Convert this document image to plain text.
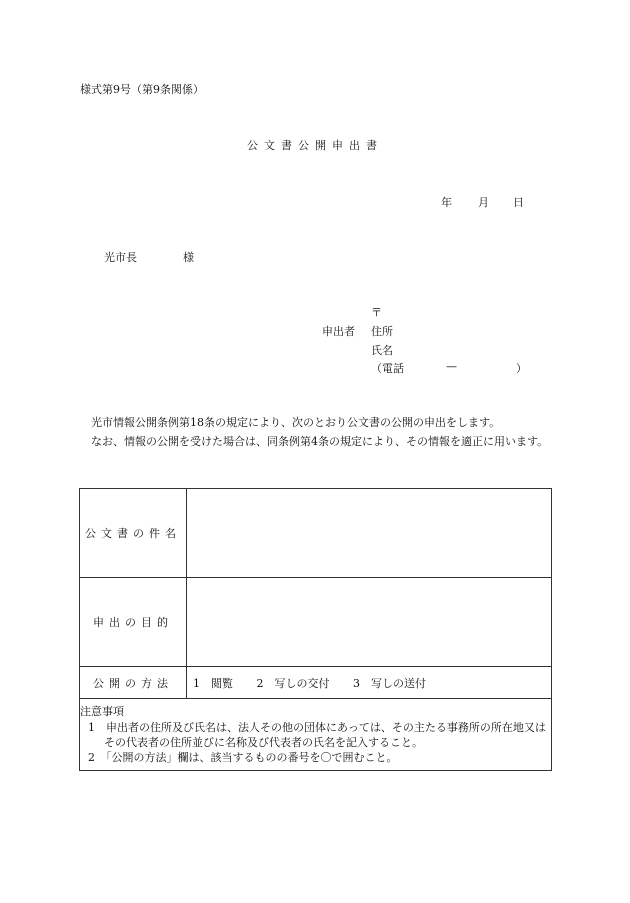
様式第9号（第9条関係）
公文書公開申出書
年 月 日
光市長	様
〒
申出者 住所
氏名
（電話	—	）
光市情報公開条例第18条の規定により、次のとおり公文書の公開の申出をします。
なお、情報の公開を受けた場合は、同条例第4条の規定により、その情報を適正に用います。
公文書の件名	
申出の目的	
公開の方法	1　閲覧 2　写しの交付 3　写しの送付

注意事項
1　申出者の住所及び氏名は、法人その他の団体にあっては、その主たる事務所の所在地又はその代表者の住所並びに名称及び代表者の氏名を記入すること。
2　「公開の方法」欄は、該当するものの番号を〇で囲むこと。	
